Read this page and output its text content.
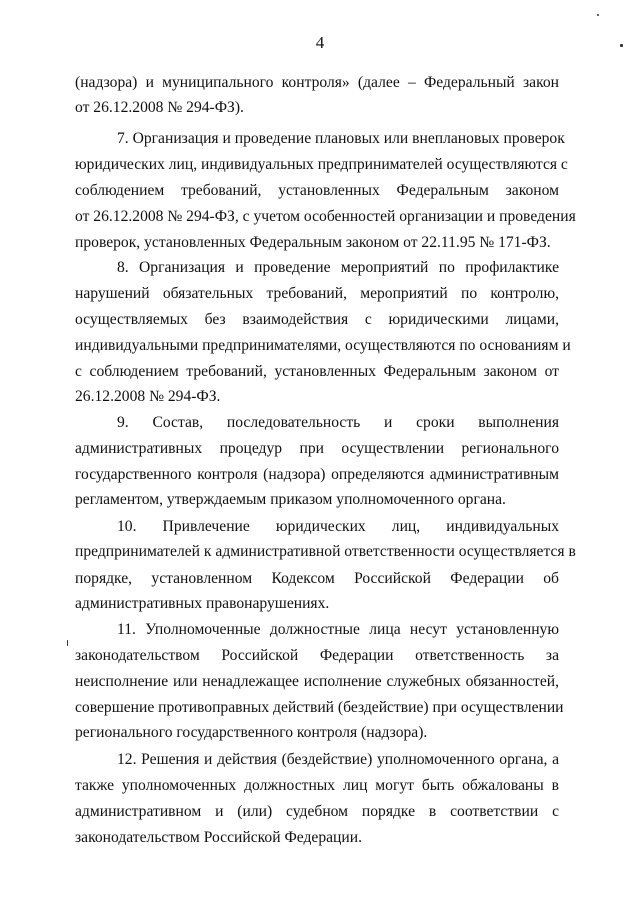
4
(надзора) и муниципального контроля» (далее – Федеральный закон
от 26.12.2008 № 294-ФЗ).
7. Организация и проведение плановых или внеплановых проверок
юридических лиц, индивидуальных предпринимателей осуществляются с
соблюдением требований, установленных Федеральным законом
от 26.12.2008 № 294-ФЗ, с учетом особенностей организации и проведения
проверок, установленных Федеральным законом от 22.11.95 № 171-ФЗ.
8. Организация и проведение мероприятий по профилактике
нарушений обязательных требований, мероприятий по контролю,
осуществляемых без взаимодействия с юридическими лицами,
индивидуальными предпринимателями, осуществляются по основаниям и
с соблюдением требований, установленных Федеральным законом от
26.12.2008 № 294-ФЗ.
9. Состав, последовательность и сроки выполнения
административных процедур при осуществлении регионального
государственного контроля (надзора) определяются административным
регламентом, утверждаемым приказом уполномоченного органа.
10. Привлечение юридических лиц, индивидуальных
предпринимателей к административной ответственности осуществляется в
порядке, установленном Кодексом Российской Федерации об
административных правонарушениях.
11. Уполномоченные должностные лица несут установленную
законодательством Российской Федерации ответственность за
неисполнение или ненадлежащее исполнение служебных обязанностей,
совершение противоправных действий (бездействие) при осуществлении
регионального государственного контроля (надзора).
12. Решения и действия (бездействие) уполномоченного органа, а
также уполномоченных должностных лиц могут быть обжалованы в
административном и (или) судебном порядке в соответствии с
законодательством Российской Федерации.
